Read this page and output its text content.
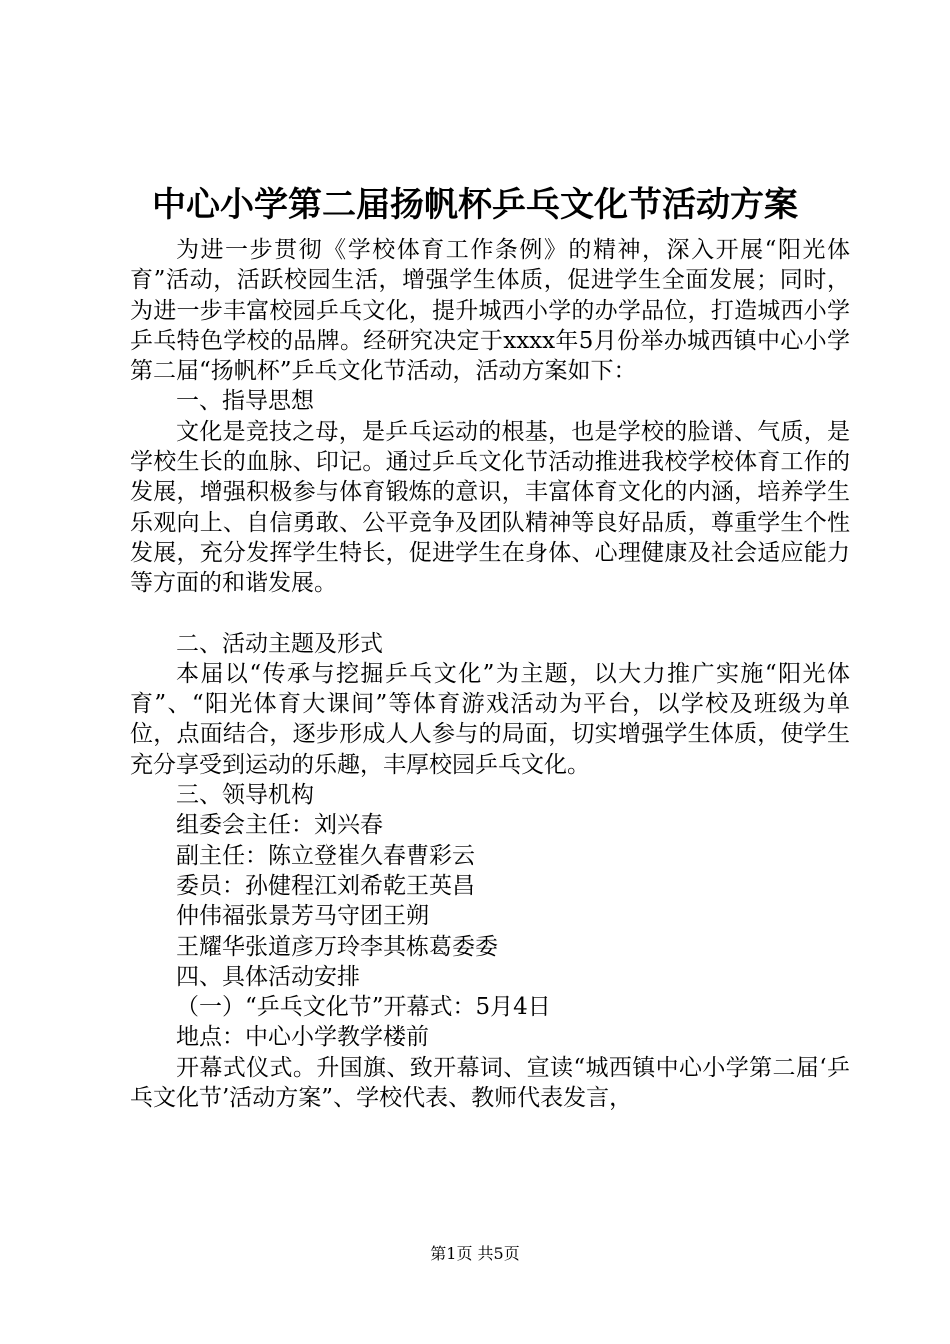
中心小学第二届扬帆杯乒乓文化节活动方案

为进一步贯彻《学校体育工作条例》的精神，深入开展“阳光体育”活动，活跃校园生活，增强学生体质，促进学生全面发展；同时，为进一步丰富校园乒乓文化，提升城西小学的办学品位，打造城西小学乒乓特色学校的品牌。经研究决定于xxxx年5月份举办城西镇中心小学第二届“扬帆杯”乒乓文化节活动，活动方案如下：

一、指导思想

文化是竞技之母，是乒乓运动的根基，也是学校的脸谱、气质，是学校生长的血脉、印记。通过乒乓文化节活动推进我校学校体育工作的发展，增强积极参与体育锻炼的意识，丰富体育文化的内涵，培养学生乐观向上、自信勇敢、公平竞争及团队精神等良好品质，尊重学生个性发展，充分发挥学生特长，促进学生在身体、心理健康及社会适应能力等方面的和谐发展。

二、活动主题及形式

本届以“传承与挖掘乒乓文化”为主题，以大力推广实施“阳光体育”、“阳光体育大课间”等体育游戏活动为平台，以学校及班级为单位，点面结合，逐步形成人人参与的局面，切实增强学生体质，使学生充分享受到运动的乐趣，丰厚校园乒乓文化。

三、领导机构

组委会主任：刘兴春

副主任：陈立登崔久春曹彩云

委员：孙健程江刘希乾王英昌

仲伟福张景芳马守团王朔

王耀华张道彦万玲李其栋葛委委

四、具体活动安排

（一）“乒乓文化节”开幕式：5月4日

地点：中心小学教学楼前

开幕式仪式。升国旗、致开幕词、宣读“城西镇中心小学第二届‘乒乓文化节’活动方案”、学校代表、教师代表发言，

第1页 共5页
